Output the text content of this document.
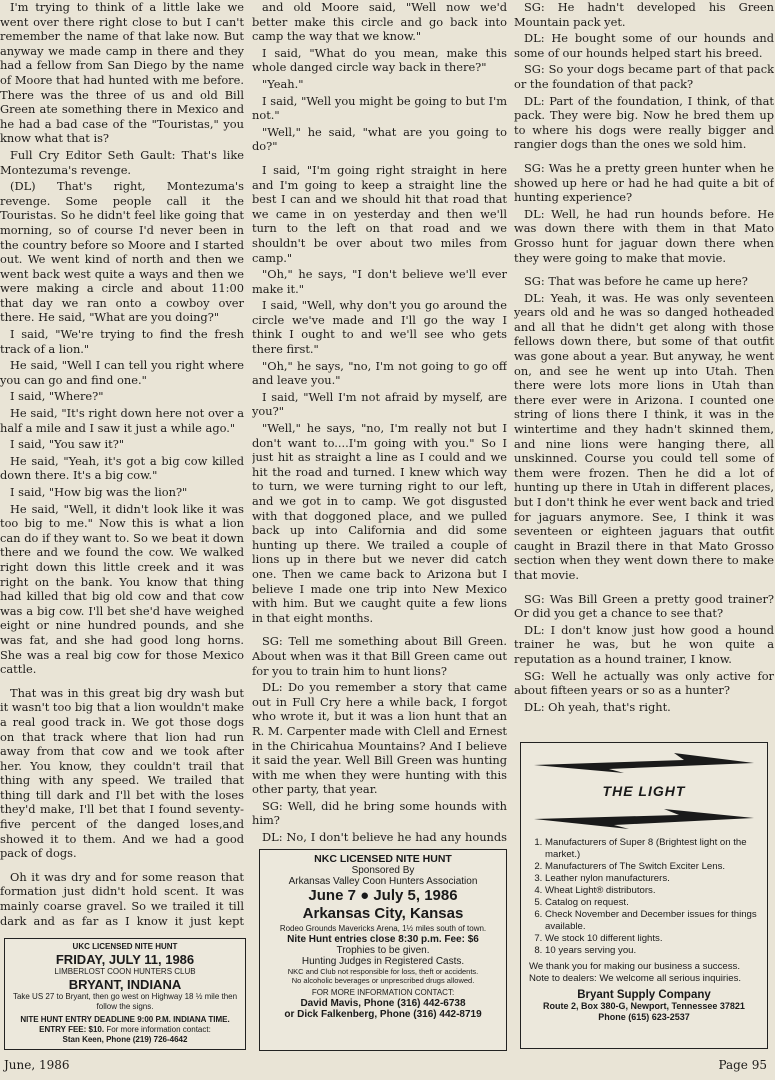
I'm trying to think of a little lake we went over there right close to but I can't remember the name of that lake now. But anyway we made camp in there and they had a fellow from San Diego by the name of Moore that had hunted with me before. There was the three of us and old Bill Green ate something there in Mexico and he had a bad case of the "Touristas," you know what that is?

Full Cry Editor Seth Gault: That's like Montezuma's revenge.

(DL) That's right, Montezuma's revenge. Some people call it the Touristas. So he didn't feel like going that morning, so of course I'd never been in the country before so Moore and I started out. We went kind of north and then we went back west quite a ways and then we were making a circle and about 11:00 that day we ran onto a cowboy over there. He said, "What are you doing?"

I said, "We're trying to find the fresh track of a lion."

He said, "Well I can tell you right where you can go and find one."

I said, "Where?"

He said, "It's right down here not over a half a mile and I saw it just a while ago."

I said, "You saw it?"

He said, "Yeah, it's got a big cow killed down there. It's a big cow."

I said, "How big was the lion?"

He said, "Well, it didn't look like it was too big to me." Now this is what a lion can do if they want to. So we beat it down there and we found the cow. We walked right down this little creek and it was right on the bank. You know that thing had killed that big old cow and that cow was a big cow. I'll bet she'd have weighed eight or nine hundred pounds, and she was fat, and she had good long horns. She was a real big cow for those Mexico cattle.

That was in this great big dry wash but it wasn't too big that a lion wouldn't make a real good track in. We got those dogs on that track where that lion had run away from that cow and we took after her. You know, they couldn't trail that thing with any speed. We trailed that thing till dark and I'll bet with the loses they'd make, I'll bet that I found seventy-five percent of the danged loses,and showed it to them. And we had a good pack of dogs.

Oh it was dry and for some reason that formation just didn't hold scent. It was mainly coarse gravel. So we trailed it till dark and as far as I know it just kept

and old Moore said, "Well now we'd better make this circle and go back into camp the way that we know."

I said, "What do you mean, make this whole danged circle way back in there?"

"Yeah."

I said, "Well you might be going to but I'm not."

"Well," he said, "what are you going to do?"

I said, "I'm going right straight in here and I'm going to keep a straight line the best I can and we should hit that road that we came in on yesterday and then we'll turn to the left on that road and we shouldn't be over about two miles from camp."

"Oh," he says, "I don't believe we'll ever make it."

I said, "Well, why don't you go around the circle we've made and I'll go the way I think I ought to and we'll see who gets there first."

"Oh," he says, "no, I'm not going to go off and leave you."

I said, "Well I'm not afraid by myself, are you?"

"Well," he says, "no, I'm really not but I don't want to....I'm going with you." So I just hit as straight a line as I could and we hit the road and turned. I knew which way to turn, we were turning right to our left, and we got in to camp. We got disgusted with that doggoned place, and we pulled back up into California and did some hunting up there. We trailed a couple of lions up in there but we never did catch one. Then we came back to Arizona but I believe I made one trip into New Mexico with him. But we caught quite a few lions in that eight months.

SG: Tell me something about Bill Green. About when was it that Bill Green came out for you to train him to hunt lions?

DL: Do you remember a story that came out in Full Cry here a while back, I forgot who wrote it, but it was a lion hunt that an R. M. Carpenter made with Clell and Ernest in the Chiricahua Mountains? And I believe it said the year. Well Bill Green was hunting with me when they were hunting with this other party, that year.

SG: Well, did he bring some hounds with him?

DL: No, I don't believe he had any hounds

SG: He hadn't developed his Green Mountain pack yet.

DL: He bought some of our hounds and some of our hounds helped start his breed.

SG: So your dogs became part of that pack or the foundation of that pack?

DL: Part of the foundation, I think, of that pack. They were big. Now he bred them up to where his dogs were really bigger and rangier dogs than the ones we sold him.

SG: Was he a pretty green hunter when he showed up here or had he had quite a bit of hunting experience?

DL: Well, he had run hounds before. He was down there with them in that Mato Grosso hunt for jaguar down there when they were going to make that movie.

SG: That was before he came up here?

DL: Yeah, it was. He was only seventeen years old and he was so danged hotheaded and all that he didn't get along with those fellows down there, but some of that outfit was gone about a year. But anyway, he went on, and see he went up into Utah. Then there were lots more lions in Utah than there ever were in Arizona. I counted one string of lions there I think, it was in the wintertime and they hadn't skinned them, and nine lions were hanging there, all unskinned. Course you could tell some of them were frozen. Then he did a lot of hunting up there in Utah in different places, but I don't think he ever went back and tried for jaguars anymore. See, I think it was seventeen or eighteen jaguars that outfit caught in Brazil there in that Mato Grosso section when they went down there to make that movie.

SG: Was Bill Green a pretty good trainer? Or did you get a chance to see that?

DL: I don't know just how good a hound trainer he was, but he won quite a reputation as a hound trainer, I know.

SG: Well he actually was only active for about fifteen years or so as a hunter?

DL: Oh yeah, that's right.

UKC LICENSED NITE HUNT
FRIDAY, JULY 11, 1986
LIMBERLOST COON HUNTERS CLUB
BRYANT, INDIANA
Take US 27 to Bryant, then go west on Highway 18 ½ mile then follow the signs.
NITE HUNT ENTRY DEADLINE 9:00 P.M. INDIANA TIME.
ENTRY FEE: $10. For more information contact:
Stan Keen, Phone (219) 726-4642
NKC LICENSED NITE HUNT
Sponsored By
Arkansas Valley Coon Hunters Association
June 7 ● July 5, 1986
Arkansas City, Kansas
Rodeo Grounds Mavericks Arena, 1½ miles south of town.
Nite Hunt entries close 8:30 p.m. Fee: $6
Trophies to be given.
Hunting Judges in Registered Casts.
NKC and Club not responsible for loss, theft or accidents.
No alcoholic beverages or unprescribed drugs allowed.
FOR MORE INFORMATION CONTACT:
David Mavis, Phone (316) 442-6738
or Dick Falkenberg, Phone (316) 442-8719
THE LIGHT
1. Manufacturers of Super 8 (Brightest light on the market.)
2. Manufacturers of The Switch Exciter Lens.
3. Leather nylon manufacturers.
4. Wheat Light® distributors.
5. Catalog on request.
6. Check November and December issues for things available.
7. We stock 10 different lights.
8. 10 years serving you.
We thank you for making our business a success. Note to dealers: We welcome all serious inquiries.
Bryant Supply Company
Route 2, Box 380-G, Newport, Tennessee 37821
Phone (615) 623-2537
June, 1986	Page 95
